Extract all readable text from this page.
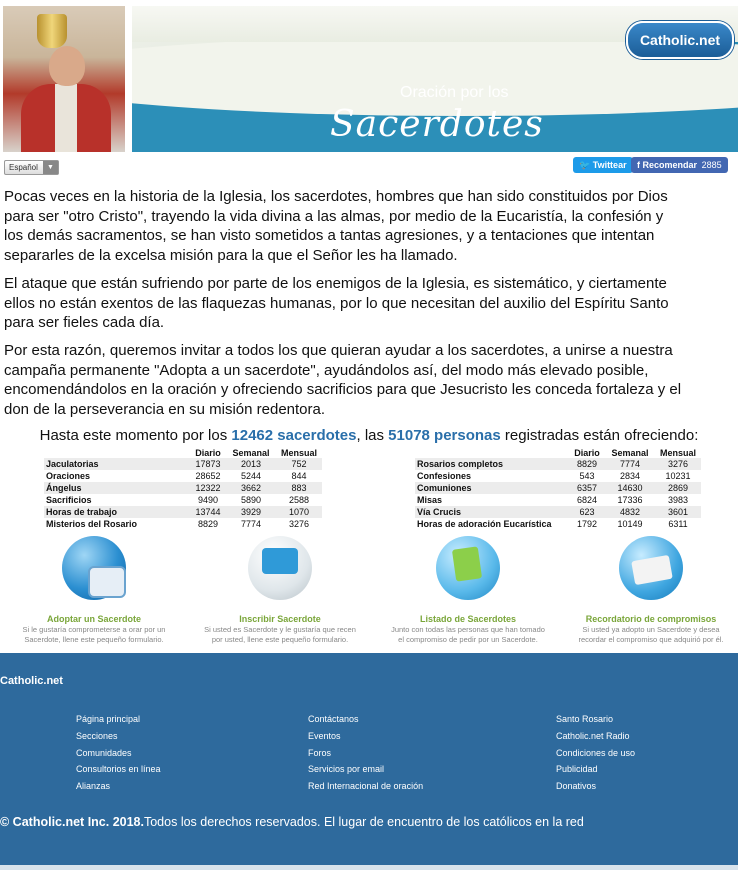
Oración por los
Sacerdotes
Catholic.net
Español	▼	🐦 Twittear	f Recomendar 2885

Pocas veces en la historia de la Iglesia, los sacerdotes, hombres que han sido constituidos por Dios
para ser "otro Cristo", trayendo la vida divina a las almas, por medio de la Eucaristía, la confesión y
los demás sacramentos, se han visto sometidos a tantas agresiones, y a tentaciones que intentan
separarles de la excelsa misión para la que el Señor les ha llamado.

El ataque que están sufriendo por parte de los enemigos de la Iglesia, es sistemático, y ciertamente
ellos no están exentos de las flaquezas humanas, por lo que necesitan del auxilio del Espíritu Santo
para ser fieles cada día.

Por esta razón, queremos invitar a todos los que quieran ayudar a los sacerdotes, a unirse a nuestra
campaña permanente "Adopta a un sacerdote", ayudándolos así, del modo más elevado posible,
encomendándolos en la oración y ofreciendo sacrificios para que Jesucristo les conceda fortaleza y el
don de la perseverancia en su misión redentora.

Hasta este momento por los 12462 sacerdotes, las 51078 personas registradas están ofreciendo:
	Diario	Semanal	Mensual
Jaculatorias	17873	2013	752
Oraciones	28652	5244	844
Ángelus	12322	3662	883
Sacrificios	9490	5890	2588
Horas de trabajo	13744	3929	1070
Misterios del Rosario	8829	7774	3276
	Diario	Semanal	Mensual
Rosarios completos	8829	7774	3276
Confesiones	543	2834	10231
Comuniones	6357	14630	2869
Misas	6824	17336	3983
Vía Crucis	623	4832	3601
Horas de adoración Eucarística	1792	10149	6311
Adoptar un Sacerdote
Si le gustaría comprometerse a orar por un
Sacerdote, llene este pequeño formulario.
Inscribir Sacerdote
Si usted es Sacerdote y le gustaría que recen
por usted, llene este pequeño formulario.
Listado de Sacerdotes
Junto con todas las personas que han tomado
el compromiso de pedir por un Sacerdote.
Recordatorio de compromisos
Si usted ya adopto un Sacerdote y desea
recordar el compromiso que adquirió por él.
Catholic.net
Página principal
Secciones
Comunidades
Consultorios en línea
Alianzas
Contáctanos
Eventos
Foros
Servicios por email
Red Internacional de oración
Santo Rosario
Catholic.net Radio
Condiciones de uso
Publicidad
Donativos
© Catholic.net Inc. 2018.Todos los derechos reservados. El lugar de encuentro de los católicos en la red
